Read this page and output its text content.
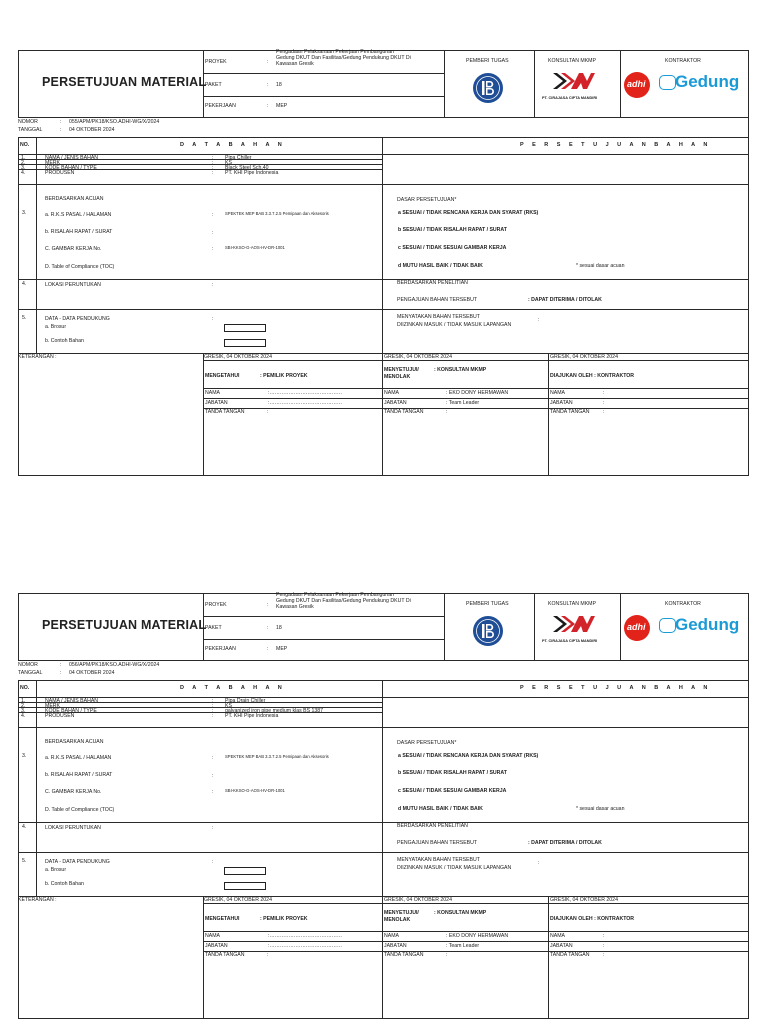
PERSETUJUAN MATERIAL
PROYEK	:
Pengadaan Pelaksanaan Pekerjaan Pembangunan
Gedung DKUT Dan Fasilitas/Gedung Pendukung DKUT Di
Kawasan Gresik
PAKET	: 18
PEKERJAAN	: MEP
PEMBERI TUGAS	KONSULTAN MKMP
PT. CIRAJASA CIPTA MANDIRI
KONTRAKTOR
adhi Gedung
NOMOR	: 055/APM/PK18/KSO.ADHI-WG/X/2024
TANGGAL	: 04 OKTOBER 2024
NO.	D A T A B A H A N	P E R S E T U J U A N B A H A N
1.	NAMA / JENIS BAHAN	: Pipa Chiller
2.	MERK	: KS
3.	KODE BAHAN / TYPE	: Black Steel Sch.40
4.	PRODUSEN	: PT. KHI Pipe Indonesia
BERDASARKAN ACUAN
3.	a. R.K.S PASAL / HALAMAN	:	SPEKTEK MEP BAB 3.3.7.2.5 Pemipaan dan Aksesoris
b. RISALAH RAPAT / SURAT	:
C. GAMBAR KERJA No.	:	SBI-KKSO-G-AOS-HV-DR-1001
D. Table of Compliance (TOC)
DASAR PERSETUJUAN*
a SESUAI / TIDAK RENCANA KERJA DAN SYARAT (RKS)
b SESUAI / TIDAK RISALAH RAPAT / SURAT
c SESUAI / TIDAK SESUAI GAMBAR KERJA
d MUTU HASIL BAIK / TIDAK BAIK	* sesuai dasar acuan
4.	LOKASI PERUNTUKAN	:	BERDASARKAN PENELITIAN
PENGAJUAN BAHAN TERSEBUT	: DAPAT DITERIMA / DITOLAK
5.	DATA - DATA PENDUKUNG	:
a. Brosur
b. Contoh Bahan
MENYATAKAN BAHAN TERSEBUT	:
DIIZINKAN MASUK / TIDAK MASUK LAPANGAN
KETERANGAN :	GRESIK, 04 OKTOBER 2024	GRESIK, 04 OKTOBER 2024	GRESIK, 04 OKTOBER 2024
MENGETAHUI	: PEMILIK PROYEK
MENYETUJUI/
MENOLAK
: KONSULTAN MKMP
DIAJUKAN OLEH : KONTRAKTOR
NAMA	:……………………………………
JABATAN	:……………………………………
TANDA TANGAN	:
NAMA	: EKO DONY HERMAWAN
JABATAN	: Team Leader
TANDA TANGAN	:
NAMA	:
JABATAN	:
TANDA TANGAN	:
PERSETUJUAN MATERIAL
PROYEK	:
Pengadaan Pelaksanaan Pekerjaan Pembangunan
Gedung DKUT Dan Fasilitas/Gedung Pendukung DKUT Di
Kawasan Gresik
PAKET	: 18
PEKERJAAN	: MEP
PEMBERI TUGAS	KONSULTAN MKMP
PT. CIRAJASA CIPTA MANDIRI
KONTRAKTOR
adhi Gedung
NOMOR	: 056/APM/PK18/KSO.ADHI-WG/X/2024
TANGGAL	: 04 OKTOBER 2024
NO.	D A T A B A H A N	P E R S E T U J U A N B A H A N
1.	NAMA / JENIS BAHAN	: Pipa Drain Chiller
2.	MERK	: KS
3.	KODE BAHAN / TYPE	: galvanized iron pipe medium klas BS 1387
4.	PRODUSEN	: PT. KHI Pipe Indonesia
BERDASARKAN ACUAN
3.	a. R.K.S PASAL / HALAMAN	:	SPEKTEK MEP BAB 3.3.7.2.5 Pemipaan dan Aksesoris
b. RISALAH RAPAT / SURAT	:
C. GAMBAR KERJA No.	:	SBI-KKSO-G-AOS-HV-DR-1001
D. Table of Compliance (TOC)
DASAR PERSETUJUAN*
a SESUAI / TIDAK RENCANA KERJA DAN SYARAT (RKS)
b SESUAI / TIDAK RISALAH RAPAT / SURAT
c SESUAI / TIDAK SESUAI GAMBAR KERJA
d MUTU HASIL BAIK / TIDAK BAIK	* sesuai dasar acuan
4.	LOKASI PERUNTUKAN	:	BERDASARKAN PENELITIAN
PENGAJUAN BAHAN TERSEBUT	: DAPAT DITERIMA / DITOLAK
5.	DATA - DATA PENDUKUNG	:
a. Brosur
b. Contoh Bahan
MENYATAKAN BAHAN TERSEBUT	:
DIIZINKAN MASUK / TIDAK MASUK LAPANGAN
KETERANGAN :	GRESIK, 04 OKTOBER 2024	GRESIK, 04 OKTOBER 2024	GRESIK, 04 OKTOBER 2024
MENGETAHUI	: PEMILIK PROYEK
MENYETUJUI/
MENOLAK
: KONSULTAN MKMP
DIAJUKAN OLEH : KONTRAKTOR
NAMA	:……………………………………
JABATAN	:……………………………………
TANDA TANGAN	:
NAMA	: EKO DONY HERMAWAN
JABATAN	: Team Leader
TANDA TANGAN	:
NAMA	:
JABATAN	:
TANDA TANGAN	:
